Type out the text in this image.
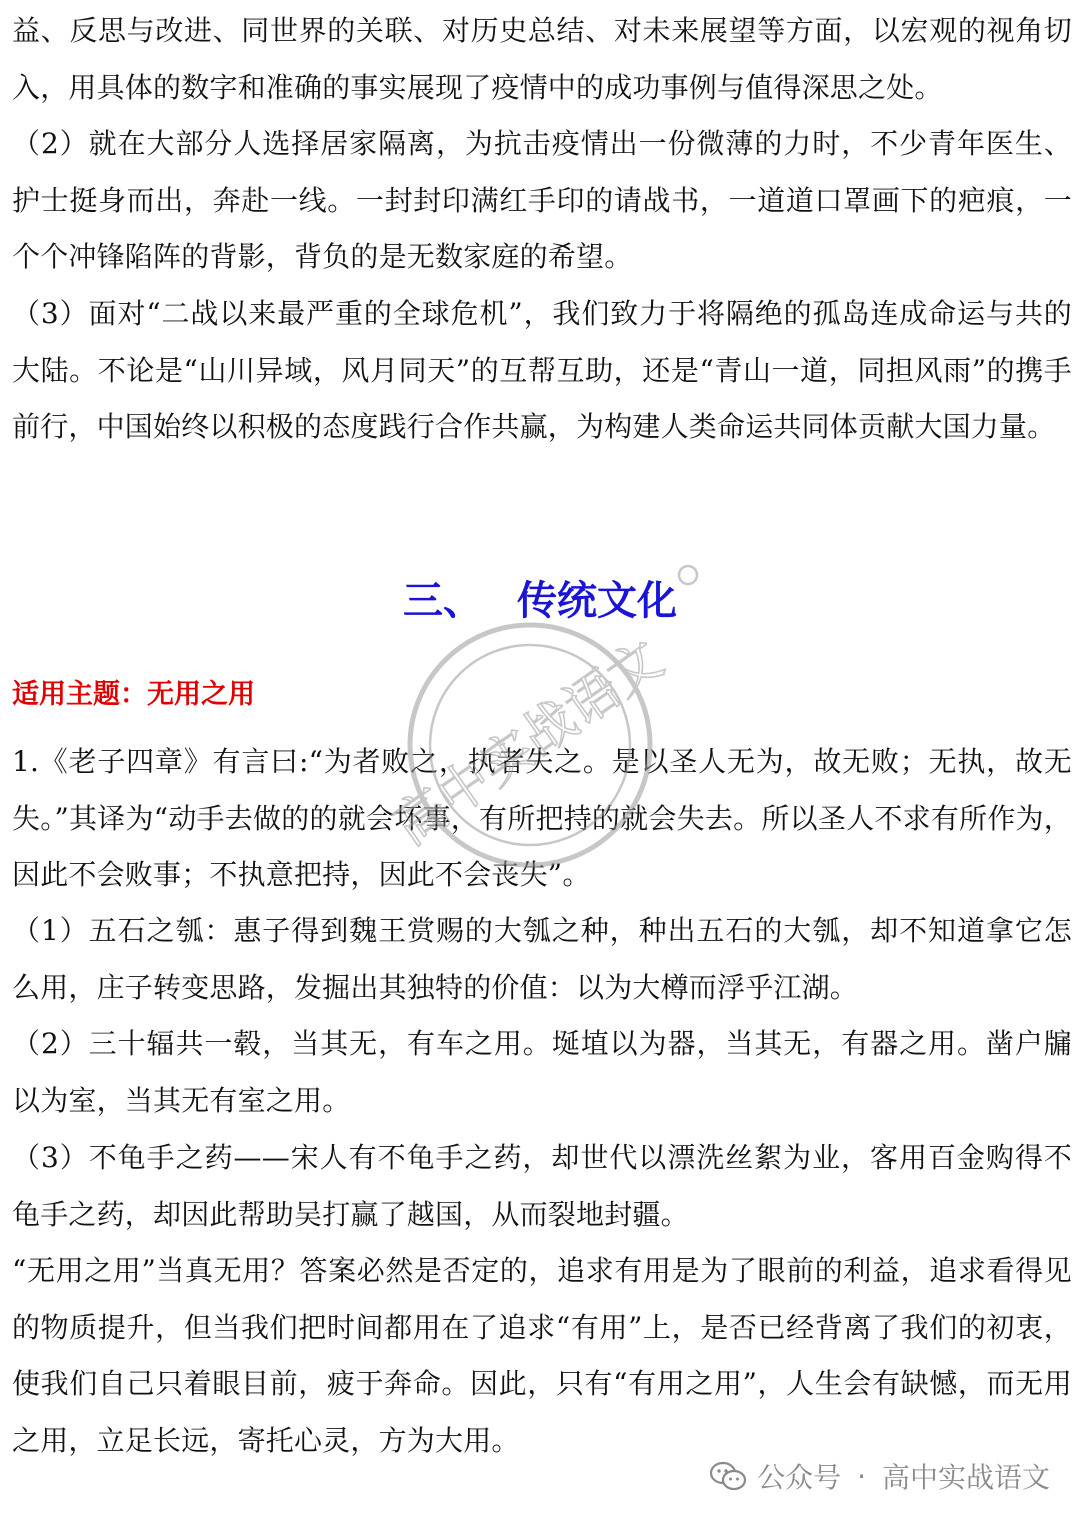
益、反思与改进、同世界的关联、对历史总结、对未来展望等方面，以宏观的视角切入，用具体的数字和准确的事实展现了疫情中的成功事例与值得深思之处。

（2）就在大部分人选择居家隔离，为抗击疫情出一份微薄的力时，不少青年医生、护士挺身而出，奔赴一线。一封封印满红手印的请战书，一道道口罩画下的疤痕，一个个冲锋陷阵的背影，背负的是无数家庭的希望。

（3）面对“二战以来最严重的全球危机”，我们致力于将隔绝的孤岛连成命运与共的大陆。不论是“山川异域，风月同天”的互帮互助，还是“青山一道，同担风雨”的携手前行，中国始终以积极的态度践行合作共赢，为构建人类命运共同体贡献大国力量。

三、 传统文化
适用主题：无用之用

1.《老子四章》有言曰:“为者败之，执者失之。是以圣人无为，故无败；无执，故无失。”其译为“动手去做的的就会坏事，有所把持的就会失去。所以圣人不求有所作为，因此不会败事；不执意把持，因此不会丧失”。

（1）五石之瓠：惠子得到魏王赏赐的大瓠之种，种出五石的大瓠，却不知道拿它怎么用，庄子转变思路，发掘出其独特的价值：以为大樽而浮乎江湖。

（2）三十辐共一毂，当其无，有车之用。埏埴以为器，当其无，有器之用。凿户牖以为室，当其无有室之用。

（3）不龟手之药——宋人有不龟手之药，却世代以漂洗丝絮为业，客用百金购得不龟手之药，却因此帮助吴打赢了越国，从而裂地封疆。

“无用之用”当真无用？答案必然是否定的，追求有用是为了眼前的利益，追求看得见的物质提升，但当我们把时间都用在了追求“有用”上，是否已经背离了我们的初衷，使我们自己只着眼目前，疲于奔命。因此，只有“有用之用”，人生会有缺憾，而无用之用，立足长远，寄托心灵，方为大用。

高中实战语文
公众号 · 高中实战语文
